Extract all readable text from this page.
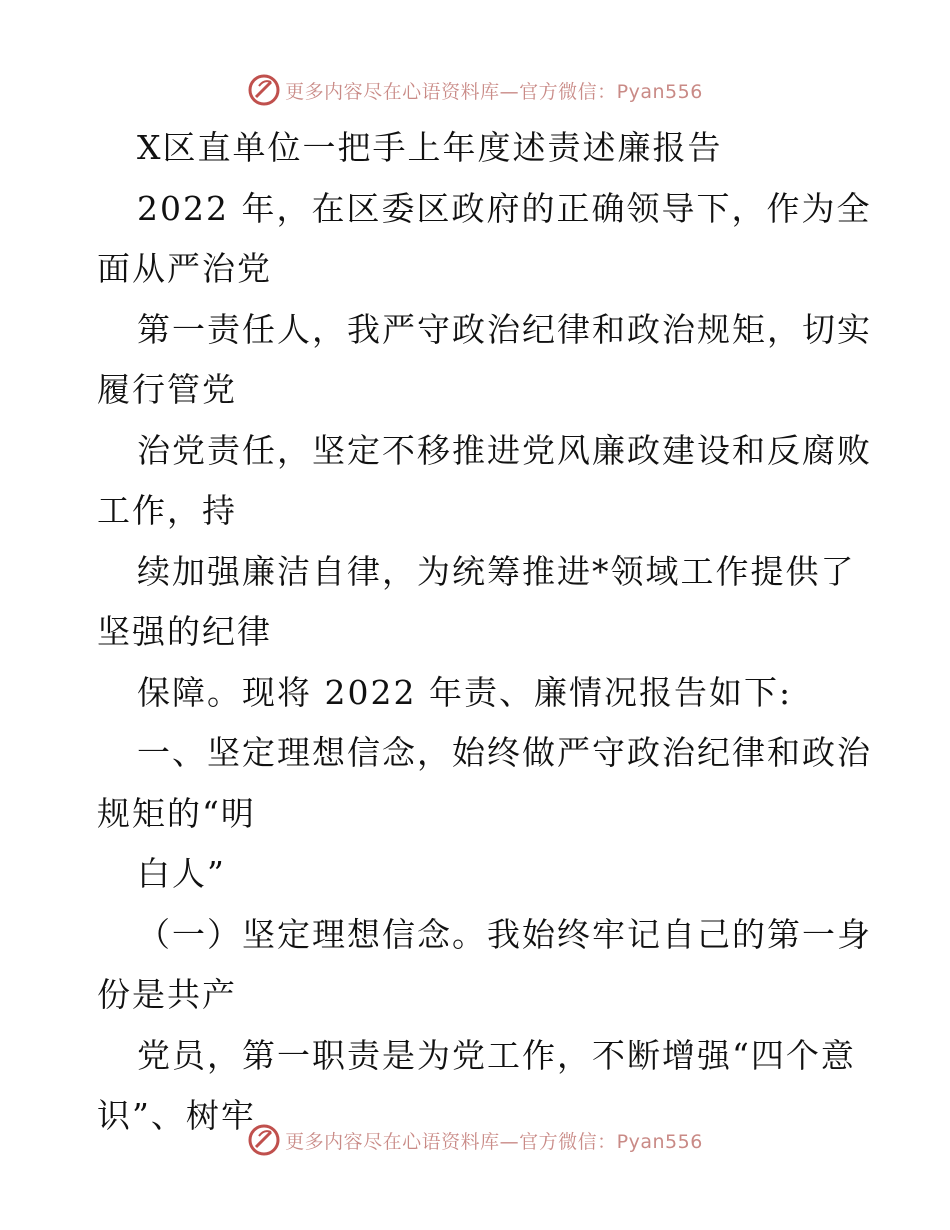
更多内容尽在心语资料库—官方微信：Pyan556
X区直单位一把手上年度述责述廉报告
2022 年，在区委区政府的正确领导下，作为全
面从严治党
第一责任人，我严守政治纪律和政治规矩，切实
履行管党
治党责任，坚定不移推进党风廉政建设和反腐败
工作，持
续加强廉洁自律，为统筹推进*领域工作提供了
坚强的纪律
保障。现将 2022 年责、廉情况报告如下:
一、坚定理想信念，始终做严守政治纪律和政治
规矩的“明
白人”
（一）坚定理想信念。我始终牢记自己的第一身
份是共产
党员，第一职责是为党工作，不断增强“四个意
识”、树牢
更多内容尽在心语资料库—官方微信：Pyan556
